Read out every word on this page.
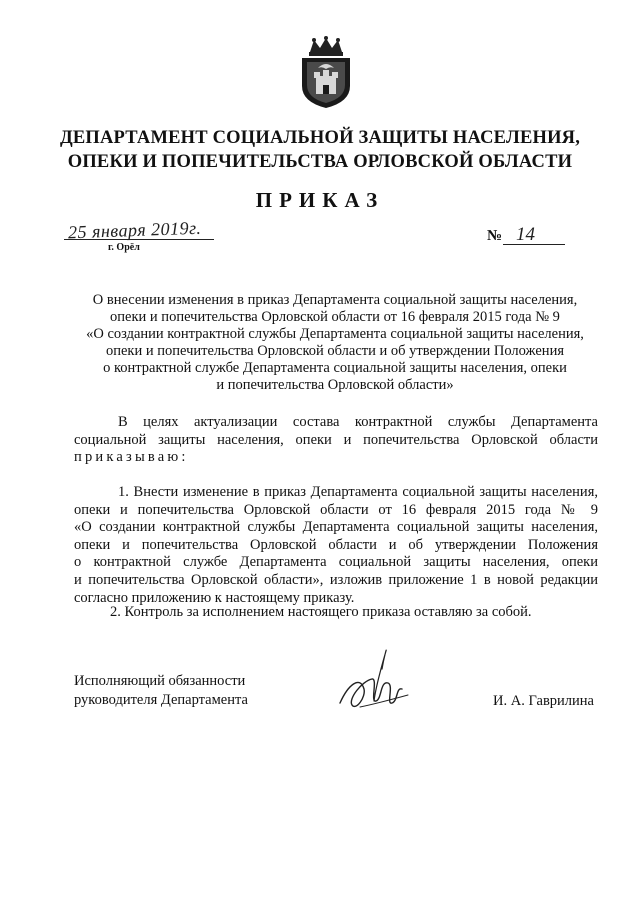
ДЕПАРТАМЕНТ СОЦИАЛЬНОЙ ЗАЩИТЫ НАСЕЛЕНИЯ,
ОПЕКИ И ПОПЕЧИТЕЛЬСТВА ОРЛОВСКОЙ ОБЛАСТИ
ПРИКАЗ
25 января 2019г.
г. Орёл
№ 14
О внесении изменения в приказ Департамента социальной защиты населения,
опеки и попечительства Орловской области от 16 февраля 2015 года № 9
«О создании контрактной службы Департамента социальной защиты населения,
опеки и попечительства Орловской области и об утверждении Положения
о контрактной службе Департамента социальной защиты населения, опеки
и попечительства Орловской области»
В целях актуализации состава контрактной службы Департамента
социальной защиты населения, опеки и попечительства Орловской области
приказываю:
1. Внести изменение в приказ Департамента социальной защиты населения,
опеки и попечительства Орловской области от 16 февраля 2015 года № 9
«О создании контрактной службы Департамента социальной защиты населения,
опеки и попечительства Орловской области и об утверждении Положения
о контрактной службе Департамента социальной защиты населения, опеки
и попечительства Орловской области», изложив приложение 1 в новой редакции
согласно приложению к настоящему приказу.
2. Контроль за исполнением настоящего приказа оставляю за собой.
Исполняющий обязанности
руководителя Департамента	И. А. Гаврилина
